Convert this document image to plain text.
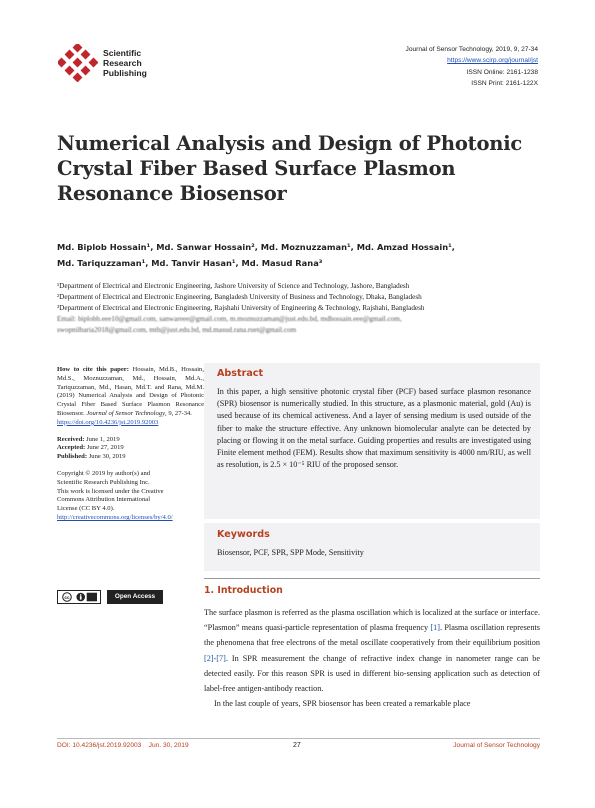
Scientific
Research
Publishing
Journal of Sensor Technology, 2019, 9, 27-34
https://www.scirp.org/journal/jst
ISSN Online: 2161-1238
ISSN Print: 2161-122X
Numerical Analysis and Design of Photonic Crystal Fiber Based Surface Plasmon Resonance Biosensor
Md. Biplob Hossain¹, Md. Sanwar Hossain², Md. Moznuzzaman¹, Md. Amzad Hossain¹,
Md. Tariquzzaman¹, Md. Tanvir Hasan¹, Md. Masud Rana³
¹Department of Electrical and Electronic Engineering, Jashore University of Science and Technology, Jashore, Bangladesh
²Department of Electrical and Electronic Engineering, Bangladesh University of Business and Technology, Dhaka, Bangladesh
³Department of Electrical and Electronic Engineering, Rajshahi University of Engineering & Technology, Rajshahi, Bangladesh
Email: biplobh.eee10@gmail.com, sanwareee@gmail.com, m.moznuzzaman@just.edu.bd, mdhossain.eee@gmail.com,
swopnilbaria2018@gmail.com, mth@just.edu.bd, md.masud.rana.ruet@gmail.com

How to cite this paper: Hossain, Md.B., Hossain, Md.S., Moznuzzaman, Md., Hossain, Md.A., Tariquzzaman, Md., Hasan, Md.T. and Rana, Md.M. (2019) Numerical Analysis and Design of Photonic Crystal Fiber Based Surface Plasmon Resonance Biosensor. Journal of Sensor Technology, 9, 27-34.

https://doi.org/10.4236/jst.2019.92003
Received: June 1, 2019
Accepted: June 27, 2019
Published: June 30, 2019
Copyright © 2019 by author(s) and
Scientific Research Publishing Inc.
This work is licensed under the Creative
Commons Attribution International
License (CC BY 4.0).
http://creativecommons.org/licenses/by/4.0/
cc	Open Access
Abstract

In this paper, a high sensitive photonic crystal fiber (PCF) based surface plasmon resonance (SPR) biosensor is numerically studied. In this structure, as a plasmonic material, gold (Au) is used because of its chemical activeness. And a layer of sensing medium is used outside of the fiber to make the structure effective. Any unknown biomolecular analyte can be detected by placing or flowing it on the metal surface. Guiding properties and results are investigated using Finite element method (FEM). Results show that maximum sensitivity is 4000 nm/RIU, as well as resolution, is 2.5 × 10⁻⁵ RIU of the proposed sensor.

Keywords
Biosensor, PCF, SPR, SPP Mode, Sensitivity
1. Introduction

The surface plasmon is referred as the plasma oscillation which is localized at the surface or interface. “Plasmon” means quasi-particle representation of plasma frequency [1]. Plasma oscillation represents the phenomena that free electrons of the metal oscillate cooperatively from their equilibrium position [2]-[7]. In SPR measurement the change of refractive index change in nanometer range can be detected easily. For this reason SPR is used in different bio-sensing application such as detection of label-free antigen-antibody reaction.

In the last couple of years, SPR biosensor has been created a remarkable place

DOI: 10.4236/jst.2019.92003 Jun. 30, 2019	27	Journal of Sensor Technology
